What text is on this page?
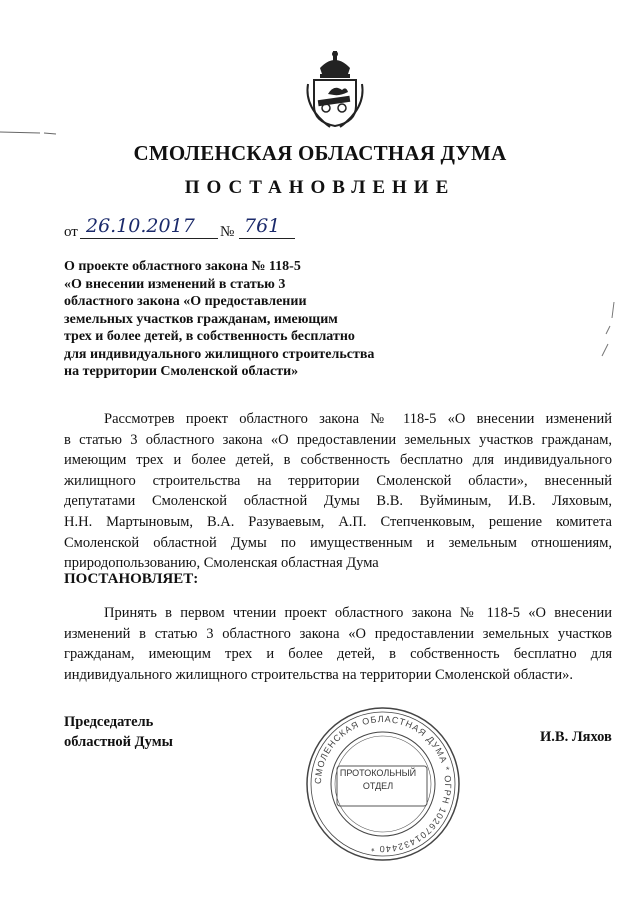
СМОЛЕНСКАЯ ОБЛАСТНАЯ ДУМА
ПОСТАНОВЛЕНИЕ
от 26.10.2017 № 761
О проекте областного закона № 118-5
«О внесении изменений в статью 3
областного закона «О предоставлении
земельных участков гражданам, имеющим
трех и более детей, в собственность бесплатно
для индивидуального жилищного строительства
на территории Смоленской области»
Рассмотрев проект областного закона № 118-5 «О внесении изменений
в статью 3 областного закона «О предоставлении земельных участков гражданам,
имеющим трех и более детей, в собственность бесплатно для индивидуального
жилищного строительства на территории Смоленской области», внесенный
депутатами Смоленской областной Думы В.В. Вуйминым, И.В. Ляховым,
Н.Н. Мартыновым, В.А. Разуваевым, А.П. Степченковым, решение комитета
Смоленской областной Думы по имущественным и земельным отношениям,
природопользованию, Смоленская областная Дума
ПОСТАНОВЛЯЕТ:
Принять в первом чтении проект областного закона № 118-5 «О внесении
изменений в статью 3 областного закона «О предоставлении земельных участков
гражданам, имеющим трех и более детей, в собственность бесплатно для
индивидуального жилищного строительства на территории Смоленской области».
Председатель
областной Думы	И.В. Ляхов
СМОЛЕНСКАЯ ОБЛАСТНАЯ ДУМА * ОГРН 1026701432440 *
ПРОТОКОЛЬНЫЙ
ОТДЕЛ
